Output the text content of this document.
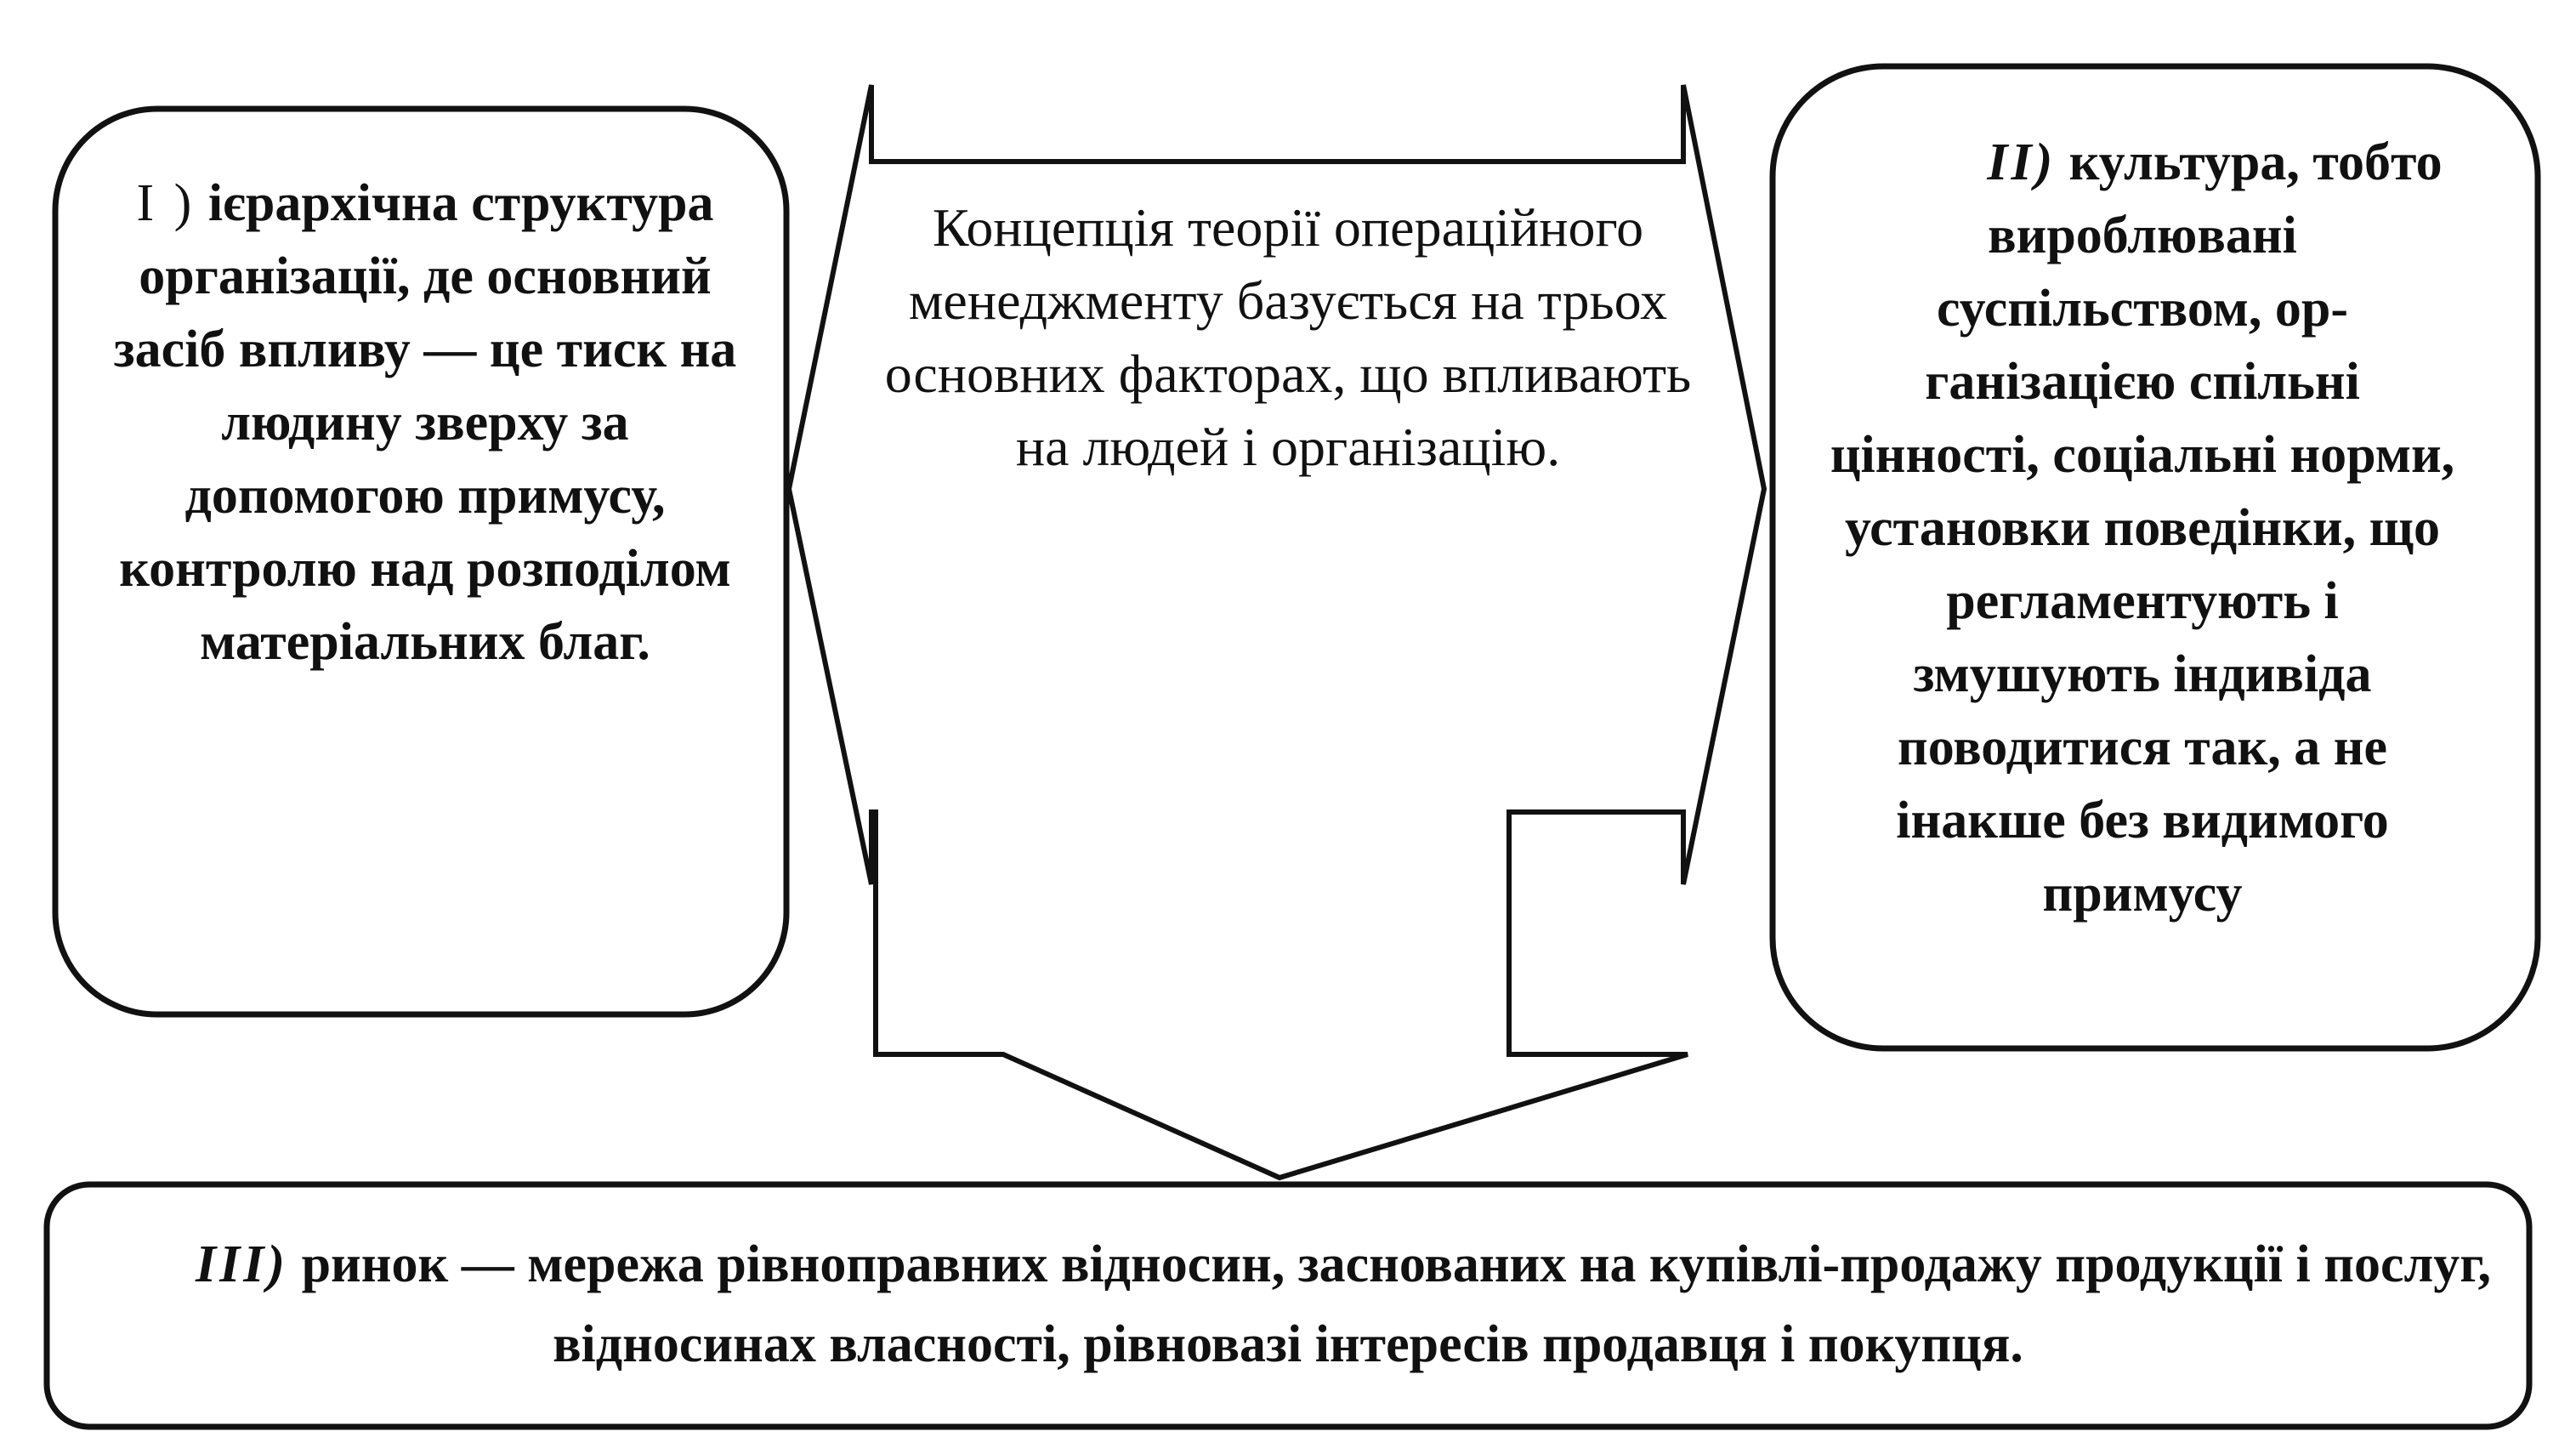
I ) ієрархічна структура організації, де основний засіб впливу — це тиск на людину зверху за допомогою примусу, контролю над розподілом матеріальних благ.

Концепція теорії операційного менеджменту базується на трьох основних факторах, що впливають на людей і організацію.

II) культура, тобто вироблювані суспільством, ор-ганізацією спільні цінності, соціальні норми, установки поведінки, що регламентують і змушують індивіда поводитися так, а не інакше без видимого примусу

III) ринок — мережа рівноправних відносин, заснованих на купівлі-продажу продукції і послуг, відносинах власності, рівновазі інтересів продавця і покупця.
